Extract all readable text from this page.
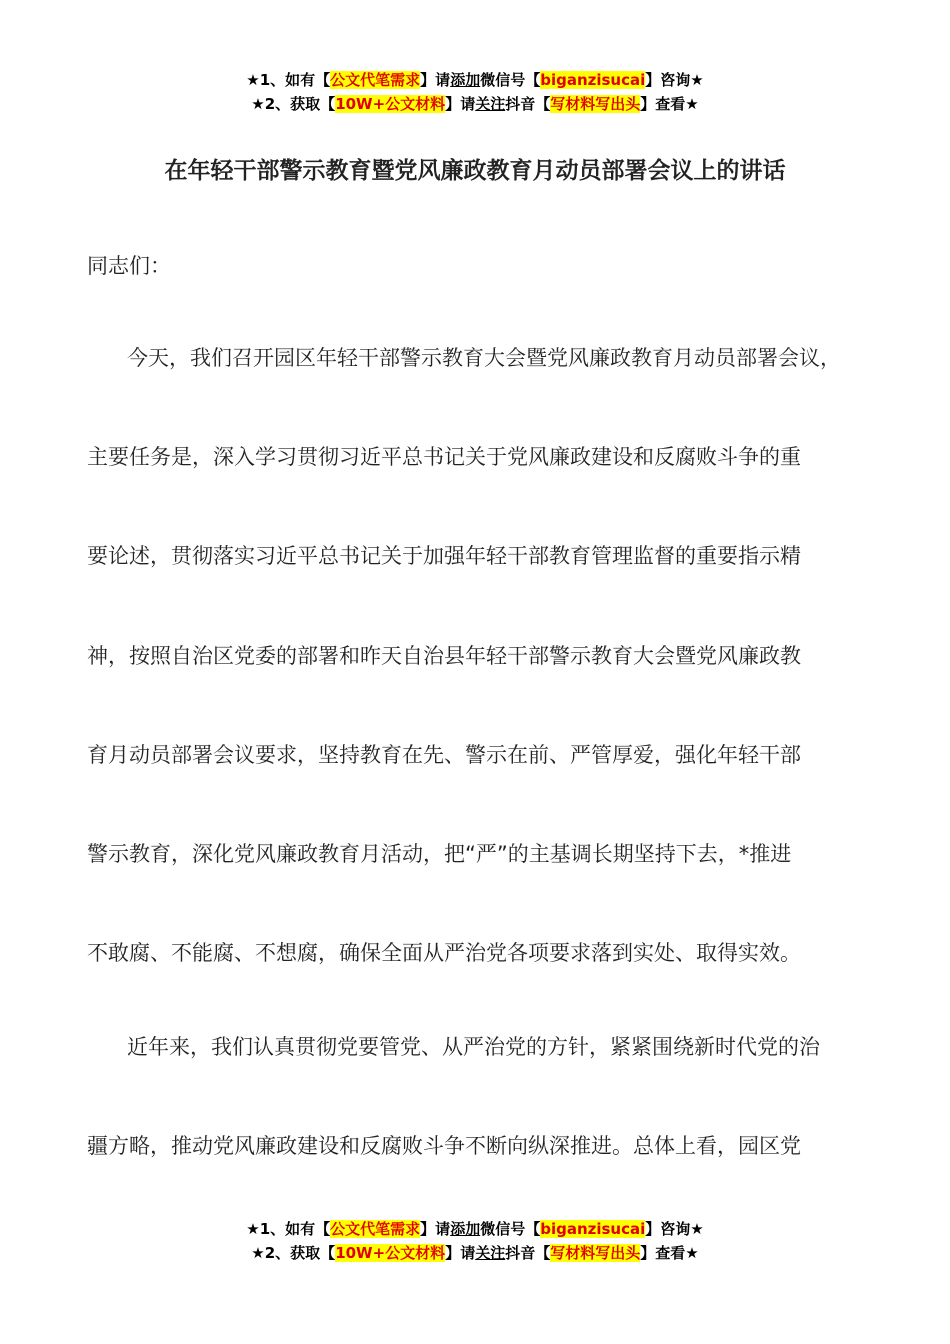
★1、如有【公文代笔需求】请添加微信号【biganzisucai】咨询★
★2、获取【10W+公文材料】请关注抖音【写材料写出头】查看★
在年轻干部警示教育暨党风廉政教育月动员部署会议上的讲话
同志们：
今天，我们召开园区年轻干部警示教育大会暨党风廉政教育月动员部署会议，
主要任务是，深入学习贯彻习近平总书记关于党风廉政建设和反腐败斗争的重
要论述，贯彻落实习近平总书记关于加强年轻干部教育管理监督的重要指示精
神，按照自治区党委的部署和昨天自治县年轻干部警示教育大会暨党风廉政教
育月动员部署会议要求，坚持教育在先、警示在前、严管厚爱，强化年轻干部
警示教育，深化党风廉政教育月活动，把“严”的主基调长期坚持下去，*推进
不敢腐、不能腐、不想腐，确保全面从严治党各项要求落到实处、取得实效。
近年来，我们认真贯彻党要管党、从严治党的方针，紧紧围绕新时代党的治
疆方略，推动党风廉政建设和反腐败斗争不断向纵深推进。总体上看，园区党
★1、如有【公文代笔需求】请添加微信号【biganzisucai】咨询★
★2、获取【10W+公文材料】请关注抖音【写材料写出头】查看★
